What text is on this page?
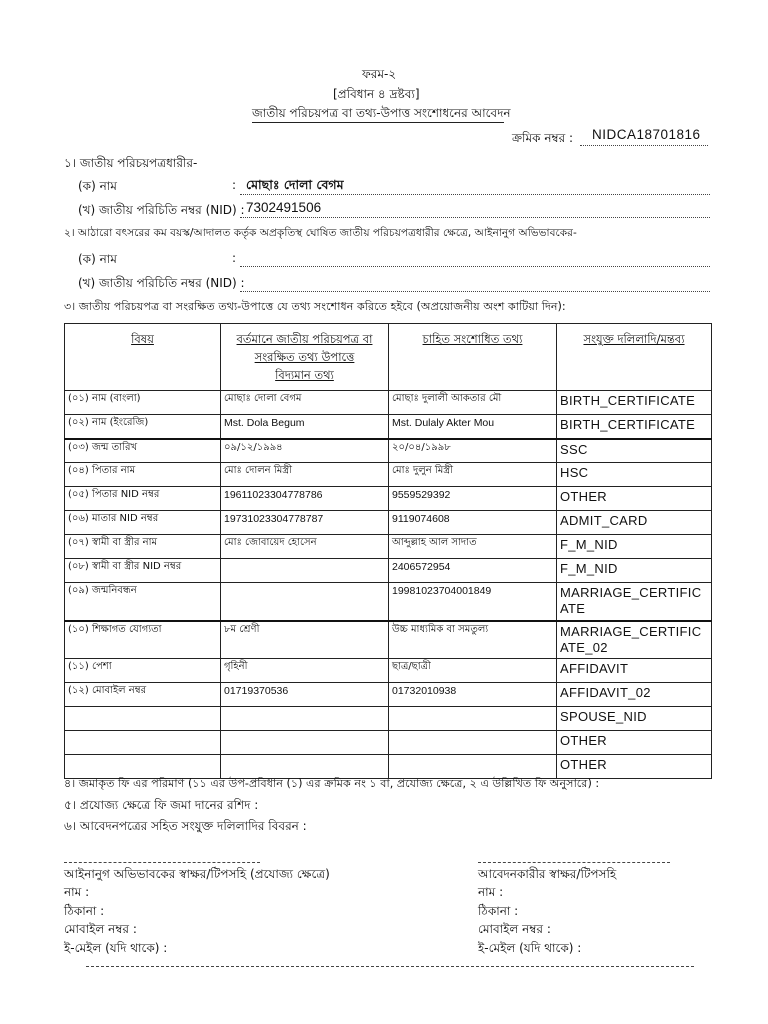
ফরম-২
[প্রবিধান ৪ দ্রষ্টব্য]
জাতীয় পরিচয়পত্র বা তথ্য-উপাত্ত সংশোধনের আবেদন
ক্রমিক নম্বর : NIDCA18701816
১। জাতীয় পরিচয়পত্রধারীর-
(ক) নাম	: মোছাঃ দোলা বেগম
(খ) জাতীয় পরিচিতি নম্বর (NID) : 7302491506
২। আঠারো বৎসরের কম বয়স্ক/আদালত কর্তৃক অপ্রকৃতিস্থ ঘোষিত জাতীয় পরিচয়পত্রধারীর ক্ষেত্রে, আইনানুগ অভিভাবকের-
(ক) নাম	:
(খ) জাতীয় পরিচিতি নম্বর (NID) :
৩। জাতীয় পরিচয়পত্র বা সংরক্ষিত তথ্য-উপাত্তে যে তথ্য সংশোধন করিতে হইবে (অপ্রয়োজনীয় অংশ কাটিয়া দিন):
বিষয়	বর্তমানে জাতীয় পরিচয়পত্র বা
সংরক্ষিত তথ্য উপাত্তে
বিদ্যমান তথ্য	চাহিত সংশোধিত তথ্য	সংযুক্ত দলিলাদি/মন্তব্য
(০১) নাম (বাংলা)	মোছাঃ দোলা বেগম	মোছাঃ দুলালী আকতার মৌ	BIRTH_CERTIFICATE
(০২) নাম (ইংরেজি)	Mst. Dola Begum	Mst. Dulaly Akter Mou	BIRTH_CERTIFICATE
(০৩) জন্ম তারিখ	০৯/১২/১৯৯৪	২০/০৪/১৯৯৮	SSC
(০৪) পিতার নাম	মোঃ দোলন মিস্ত্রী	মোঃ দুলুন মিস্ত্রী	HSC
(০৫) পিতার NID নম্বর	19611023304778786	9559529392	OTHER
(০৬) মাতার NID নম্বর	19731023304778787	9119074608	ADMIT_CARD
(০৭) স্বামী বা স্ত্রীর নাম	মোঃ জোবায়েদ হোসেন	আব্দুল্লাহ আল সাদাত	F_M_NID
(০৮) স্বামী বা স্ত্রীর NID নম্বর		2406572954	F_M_NID
(০৯) জন্মনিবন্ধন		19981023704001849	MARRIAGE_CERTIFICATE
(১০) শিক্ষাগত যোগ্যতা	৮ম শ্রেণী	উচ্চ মাধ্যমিক বা সমতুল্য	MARRIAGE_CERTIFICATE_02
(১১) পেশা	গৃহিনী	ছাত্র/ছাত্রী	AFFIDAVIT
(১২) মোবাইল নম্বর	01719370536	01732010938	AFFIDAVIT_02
			SPOUSE_NID
			OTHER
			OTHER
৪। জমাকৃত ফি এর পরিমাণ (১১ এর উপ-প্রবিধান (১) এর ক্রমিক নং ১ বা, প্রযোজ্য ক্ষেত্রে, ২ এ উল্লিখিত ফি অনুসারে) :
৫। প্রযোজ্য ক্ষেত্রে ফি জমা দানের রশিদ :
৬। আবেদনপত্রের সহিত সংযুক্ত দলিলাদির বিবরন :
আইনানুগ অভিভাবকের স্বাক্ষর/টিপসহি (প্রযোজ্য ক্ষেত্রে)
নাম :
ঠিকানা :
মোবাইল নম্বর :
ই-মেইল (যদি থাকে) :
আবেদনকারীর স্বাক্ষর/টিপসহি
নাম :
ঠিকানা :
মোবাইল নম্বর :
ই-মেইল (যদি থাকে) :
